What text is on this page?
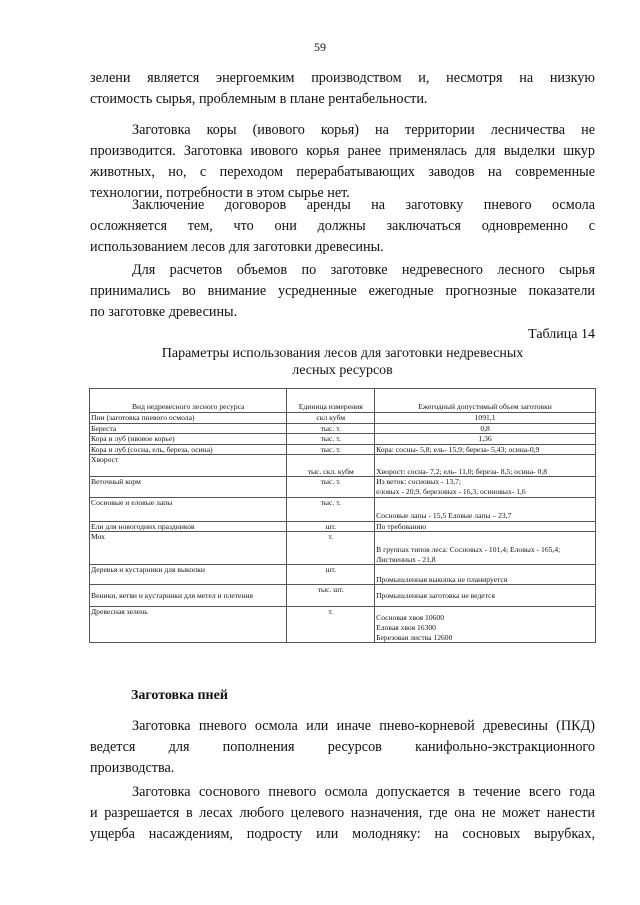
59
зелени является энергоемким производством и, несмотря на низкую
стоимость сырья, проблемным в плане рентабельности.
Заготовка коры (ивового корья) на территории лесничества не
производится. Заготовка ивового корья ранее применялась для выделки шкур
животных, но, с переходом перерабатывающих заводов на современные
технологии, потребности в этом сырье нет.
Заключение договоров аренды на заготовку пневого осмола
осложняется тем, что они должны заключаться одновременно с
использованием лесов для заготовки древесины.
Для расчетов объемов по заготовке недревесного лесного сырья
принимались во внимание усредненные ежегодные прогнозные показатели
по заготовке древесины.
Таблица 14
Параметры использования лесов для заготовки недревесных
лесных ресурсов
Вид недревесного лесного ресурса	Единица измерения	Ежегодный допустимый объем заготовки
Пни (заготовка пневого осмола)	скл кубм	1091,1
Береста	тыс. т.	0,8
Кора и луб (ивовое корье)	тыс. т.	1,36
Кора и луб (сосна, ель, береза, осина)	тыс. т.	Кора: сосны- 5,8; ель- 15,9; береза- 5,43; осина-0,9
Хворост	тыс. скл. кубм	Хворост: сосна- 7,2; ель- 11,0; береза- 8,5; осина- 0,8
Веточный корм	тыс. т.	Из веток: сосновых - 13,7;
еловых - 20,9, березовых - 16,3, осиновых- 1,6

Сосновые и еловые лапы	тыс. т.	Сосновые лапы - 15,5 Еловые лапы – 23,7
Ели для новогодних праздников	шт.	По требованию
Мох	т.	В группах типов леса: Сосновых - 101,4; Еловых - 165,4;
Лиственных - 21,8

Деревья и кустарники для выкопки	шт.	Промышленная выкопка не планируется
Веники, ветви и кустарники для метел и плетения	тыс. шт.	Промышленная заготовка не ведется
Древесная зелень	т.	Сосновая хвоя 10600
Еловая хвоя 16300
Березовая листва 12600
Заготовка пней
Заготовка пневого осмола или иначе пнево-корневой древесины (ПКД)
ведется для пополнения ресурсов канифольно-экстракционного
производства.
Заготовка соснового пневого осмола допускается в течение всего года
и разрешается в лесах любого целевого назначения, где она не может нанести
ущерба насаждениям, подросту или молодняку: на сосновых вырубках,
